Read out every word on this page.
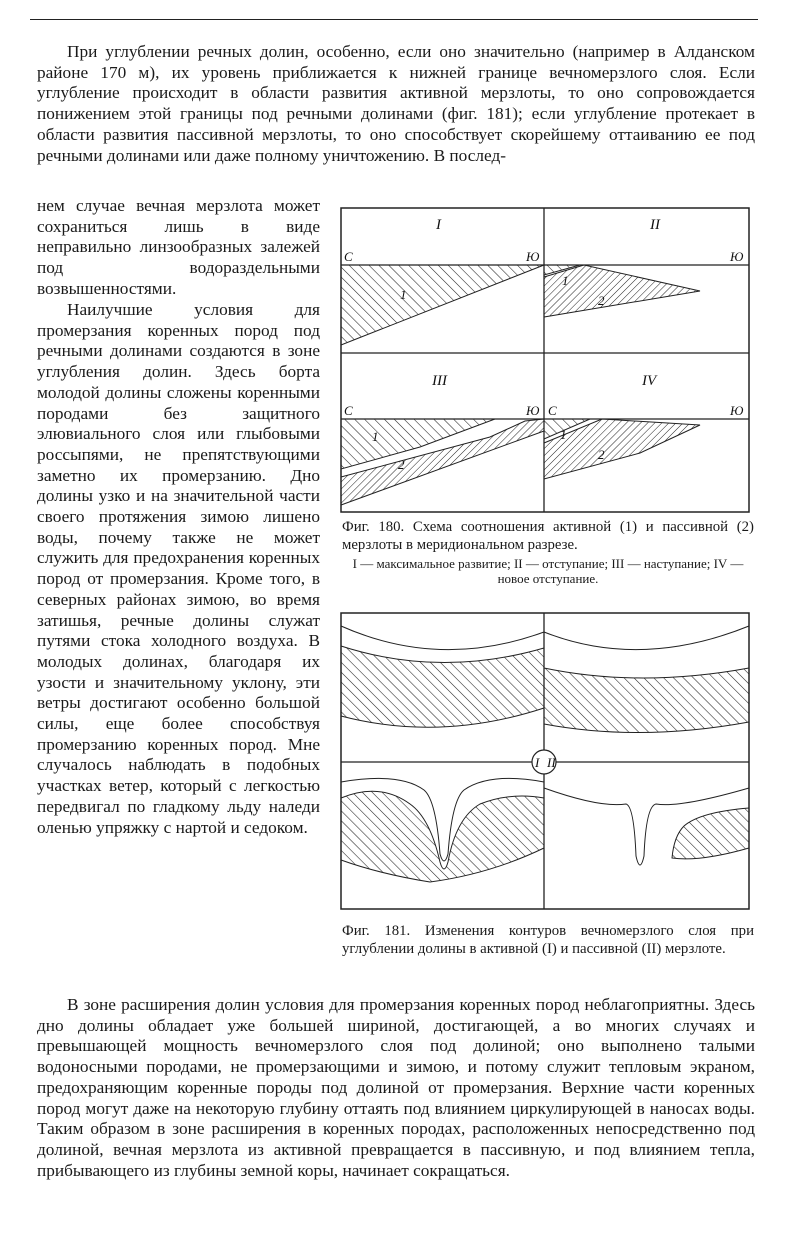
При углублении речных долин, особенно, если оно значительно (например в Алданском районе 170 м), их уровень приближается к нижней границе вечномерзлого слоя. Если углубление происходит в области развития активной мерзлоты, то оно сопровождается понижением этой границы под речными долинами (фиг. 181); если углубление протекает в области развития пассивной мерзлоты, то оно способствует скорейшему оттаиванию ее под речными долинами или даже полному уничтожению. В послед-

нем случае вечная мерзлота может сохраниться лишь в виде неправильно линзообразных залежей под водораздельными возвышенностями.
Наилучшие условия для промерзания коренных пород под речными долинами создаются в зоне углубления долин. Здесь борта молодой долины сложены коренными породами без защитного элювиального слоя или глыбовыми россыпями, не препятствующими заметно их промерзанию. Дно долины узко и на значительной части своего протяжения зимою лишено воды, почему также не может служить для предохранения коренных пород от промерзания. Кроме того, в северных районах зимою, во время затишья, речные долины служат путями стока холодного воздуха. В молодых долинах, благодаря их узости и значительному уклону, эти ветры достигают особенно большой силы, еще более способствуя промерзанию коренных пород. Мне случалось наблюдать в подобных участках ветер, который с легкостью передвигал по гладкому льду наледи оленью упряжку с нартой и седоком.

В зоне расширения долин условия для промерзания коренных пород неблагоприятны. Здесь дно долины обладает уже большей шириной, достигающей, а во многих случаях и превышающей мощность вечномерзлого слоя под долиной; оно выполнено талыми водоносными породами, не промерзающими и зимою, и потому служит тепловым экраном, предохраняющим коренные породы под долиной от промерзания. Верхние части коренных пород могут даже на некоторую глубину оттаять под влиянием циркулирующей в наносах воды. Таким образом в зоне расширения в коренных породах, расположенных непосредственно под долиной, вечная мерзлота из активной превращается в пассивную, и под влиянием тепла, прибывающего из глубины земной коры, начинает сокращаться.

I	II
III	IV
С	Ю	Ю
С	Ю С	Ю
1
1
2
1
2
1
2
Фиг. 180. Схема соотношения активной (1) и пассивной (2) мерзлоты в меридиональном разрезе.
I — максимальное развитие; II — отступание; III — наступание; IV — новое отступание.
I II
Фиг. 181. Изменения контуров вечномерзлого слоя при углублении долины в активной (I) и пассивной (II) мерзлоте.
